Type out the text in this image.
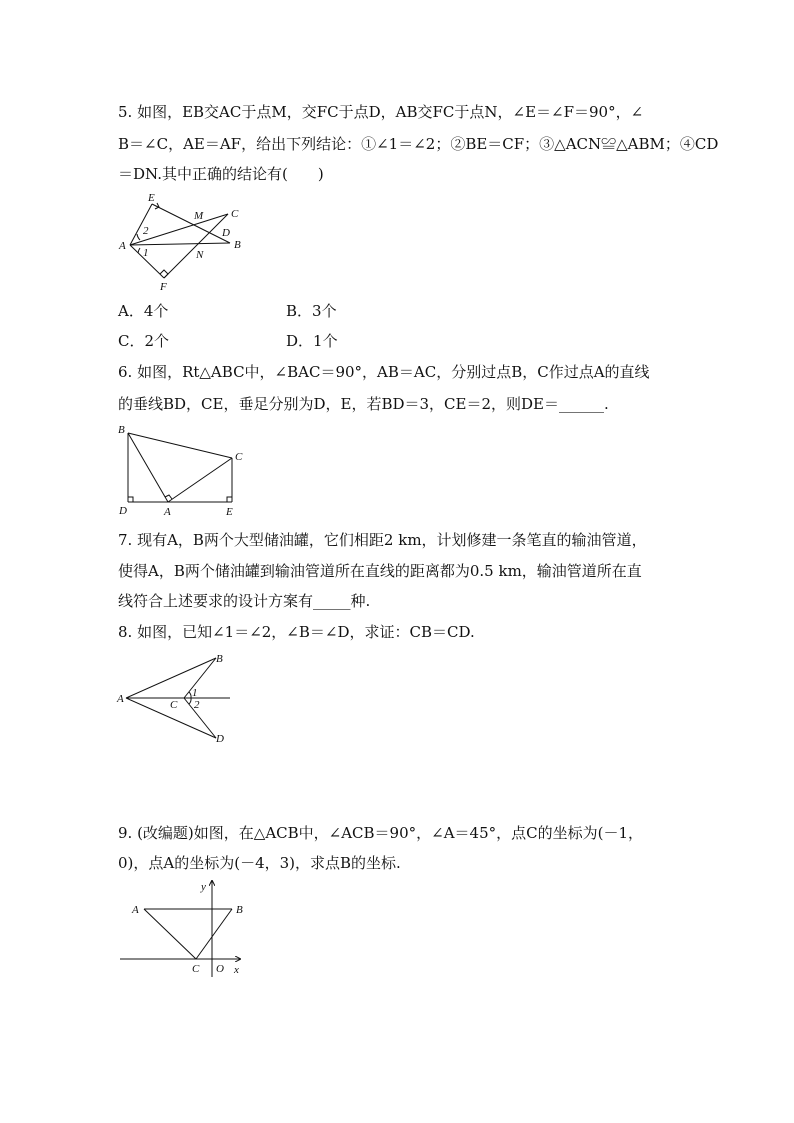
5. 如图，EB交AC于点M，交FC于点D，AB交FC于点N，∠E＝∠F＝90°，∠
B＝∠C，AE＝AF，给出下列结论：①∠1＝∠2；②BE＝CF；③△ACN≌△ABM；④CD
＝DN.其中正确的结论有(　　)
E
M	C
D
B
A
N
F
2
1
A．4个	B．3个
C．2个	D．1个
6. 如图，Rt△ABC中，∠BAC＝90°，AB＝AC，分别过点B，C作过点A的直线
的垂线BD，CE，垂足分别为D，E，若BD＝3，CE＝2，则DE＝______.
B
C
D	A	E
7. 现有A，B两个大型储油罐，它们相距2 km，计划修建一条笔直的输油管道，
使得A，B两个储油罐到输油管道所在直线的距离都为0.5 km，输油管道所在直
线符合上述要求的设计方案有_____种.
8. 如图，已知∠1＝∠2，∠B＝∠D，求证：CB＝CD.
A
B
C
D
1
2
9. (改编题)如图，在△ACB中，∠ACB＝90°，∠A＝45°，点C的坐标为(－1，
0)，点A的坐标为(－4，3)，求点B的坐标.
y
A	B
C O x
